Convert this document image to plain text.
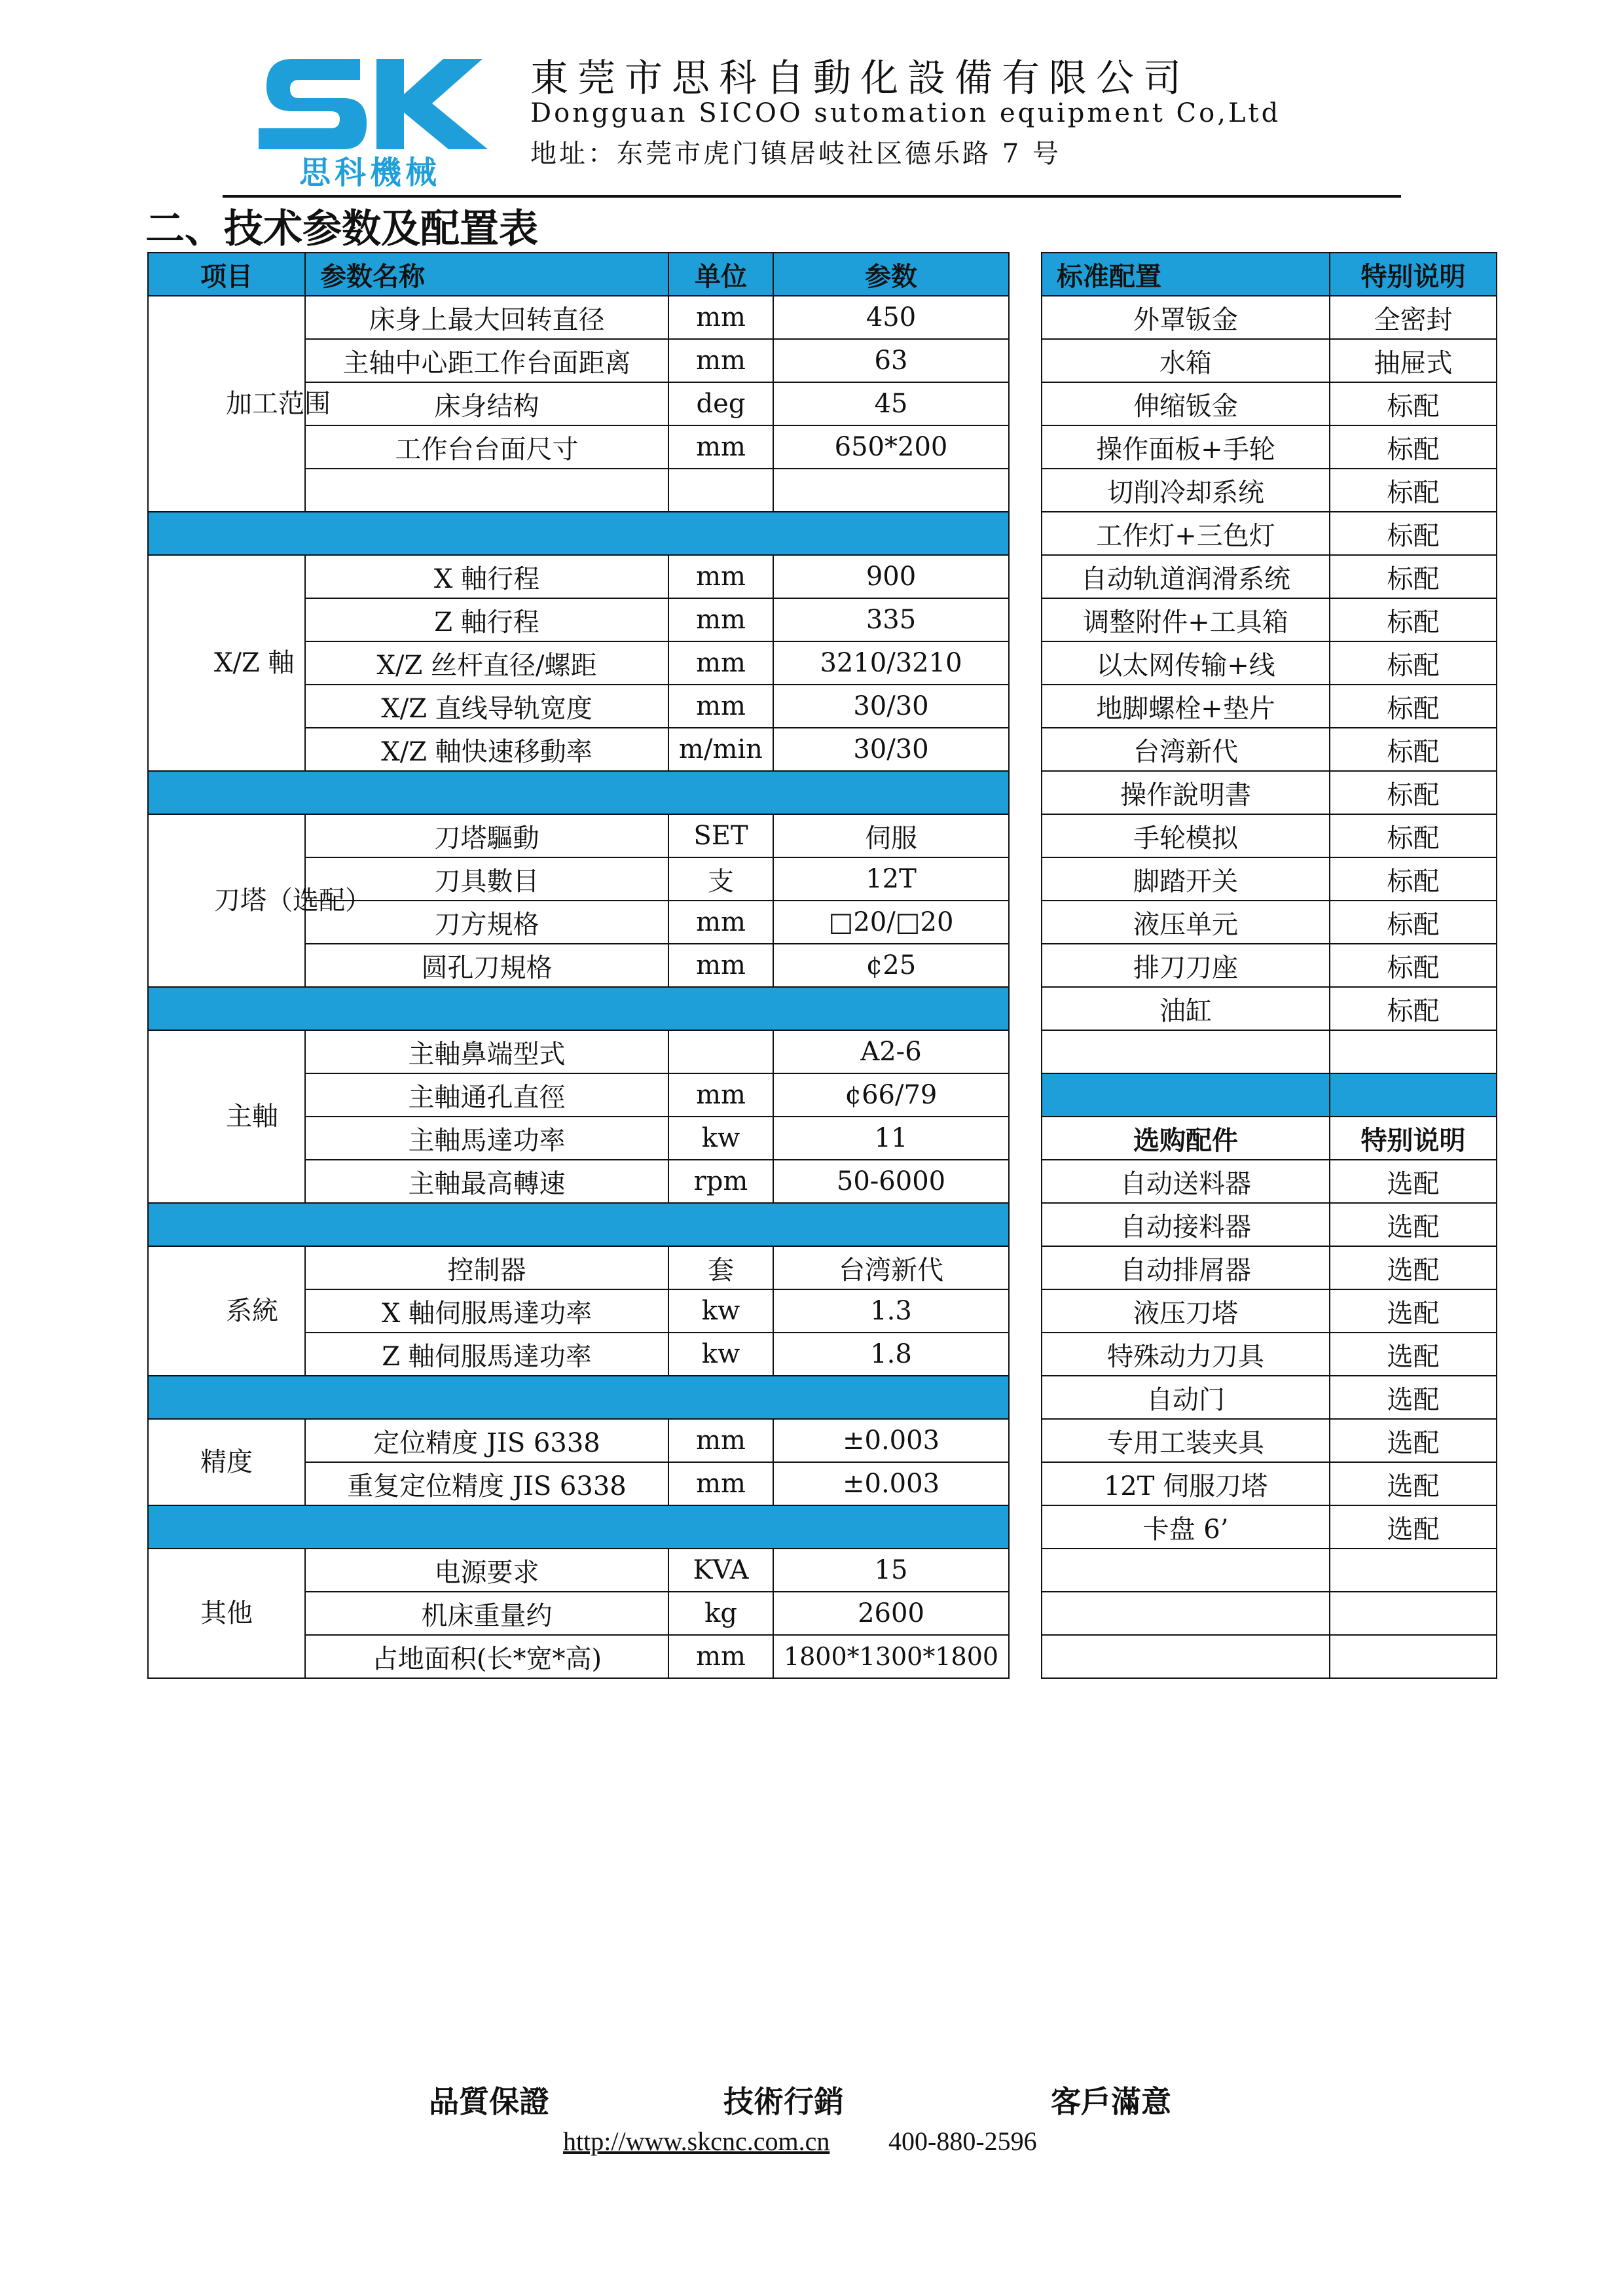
思科機械
東莞市思科自動化設備有限公司
Dongguan SICOO sutomation equipment Co,Ltd
地址：东莞市虎门镇居岐社区德乐路 7 号
二、技术参数及配置表
项目	参数名称	单位	参数
加工范围	床身上最大回转直径	mm	450
	主轴中心距工作台面距离	mm	63
	床身结构	deg	45
	工作台台面尺寸	mm	650*200

X/Z 軸	X 軸行程	mm	900
	Z 軸行程	mm	335
	X/Z 丝杆直径/螺距	mm	3210/3210
	X/Z 直线导轨宽度	mm	30/30
	X/Z 軸快速移動率	m/min	30/30

刀塔（选配）	刀塔驅動	SET	伺服
	刀具數目	支	12T
	刀方規格	mm	□20/□20
	圆孔刀規格	mm	¢25

主軸	主軸鼻端型式		A2-6
	主軸通孔直徑	mm	¢66/79
	主軸馬達功率	kw	11
	主軸最高轉速	rpm	50-6000

系統	控制器	套	台湾新代
	X 軸伺服馬達功率	kw	1.3
	Z 軸伺服馬達功率	kw	1.8

精度	定位精度 JIS 6338	mm	±0.003
	重复定位精度 JIS 6338	mm	±0.003

其他	电源要求	KVA	15
	机床重量约	kg	2600
	占地面积(长*宽*高)	mm	1800*1300*1800
标准配置	特别说明
外罩钣金	全密封
水箱	抽屉式
伸缩钣金	标配
操作面板+手轮	标配
切削冷却系统	标配
工作灯+三色灯	标配
自动轨道润滑系统	标配
调整附件+工具箱	标配
以太网传输+线	标配
地脚螺栓+垫片	标配
台湾新代	标配
操作說明書	标配
手轮模拟	标配
脚踏开关	标配
液压单元	标配
排刀刀座	标配
油缸	标配

选购配件	特别说明
自动送料器	选配
自动接料器	选配
自动排屑器	选配
液压刀塔	选配
特殊动力刀具	选配
自动门	选配
专用工装夹具	选配
12T 伺服刀塔	选配
卡盘 6’	选配

品質保證	技術行銷	客戶滿意
http://www.skcnc.com.cn 400-880-2596
